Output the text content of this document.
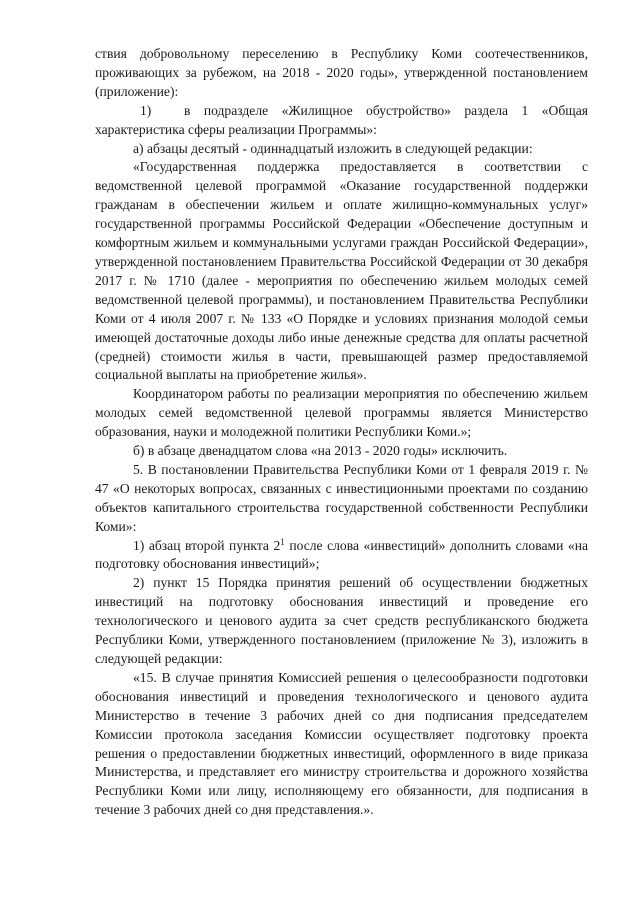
ствия добровольному переселению в Республику Коми соотечественников, проживающих за рубежом, на 2018 - 2020 годы», утвержденной постановлением (приложение):

1) в подразделе «Жилищное обустройство» раздела 1 «Общая характеристика сферы реализации Программы»:

а) абзацы десятый - одиннадцатый изложить в следующей редакции:

«Государственная поддержка предоставляется в соответствии с ведомственной целевой программой «Оказание государственной поддержки гражданам в обеспечении жильем и оплате жилищно-коммунальных услуг» государственной программы Российской Федерации «Обеспечение доступным и комфортным жильем и коммунальными услугами граждан Российской Федерации», утвержденной постановлением Правительства Российской Федерации от 30 декабря 2017 г. № 1710 (далее - мероприятия по обеспечению жильем молодых семей ведомственной целевой программы), и постановлением Правительства Республики Коми от 4 июля 2007 г. № 133 «О Порядке и условиях признания молодой семьи имеющей достаточные доходы либо иные денежные средства для оплаты расчетной (средней) стоимости жилья в части, превышающей размер предоставляемой социальной выплаты на приобретение жилья».

Координатором работы по реализации мероприятия по обеспечению жильем молодых семей ведомственной целевой программы является Министерство образования, науки и молодежной политики Республики Коми.»;

б) в абзаце двенадцатом слова «на 2013 - 2020 годы» исключить.

5. В постановлении Правительства Республики Коми от 1 февраля 2019 г. № 47 «О некоторых вопросах, связанных с инвестиционными проектами по созданию объектов капитального строительства государственной собственности Республики Коми»:

1) абзац второй пункта $2^1$ после слова «инвестиций» дополнить словами «на подготовку обоснования инвестиций»;

2) пункт 15 Порядка принятия решений об осуществлении бюджетных инвестиций на подготовку обоснования инвестиций и проведение его технологического и ценового аудита за счет средств республиканского бюджета Республики Коми, утвержденного постановлением (приложение № 3), изложить в следующей редакции:

«15. В случае принятия Комиссией решения о целесообразности подготовки обоснования инвестиций и проведения технологического и ценового аудита Министерство в течение 3 рабочих дней со дня подписания председателем Комиссии протокола заседания Комиссии осуществляет подготовку проекта решения о предоставлении бюджетных инвестиций, оформленного в виде приказа Министерства, и представляет его министру строительства и дорожного хозяйства Республики Коми или лицу, исполняющему его обязанности, для подписания в течение 3 рабочих дней со дня представления.».
